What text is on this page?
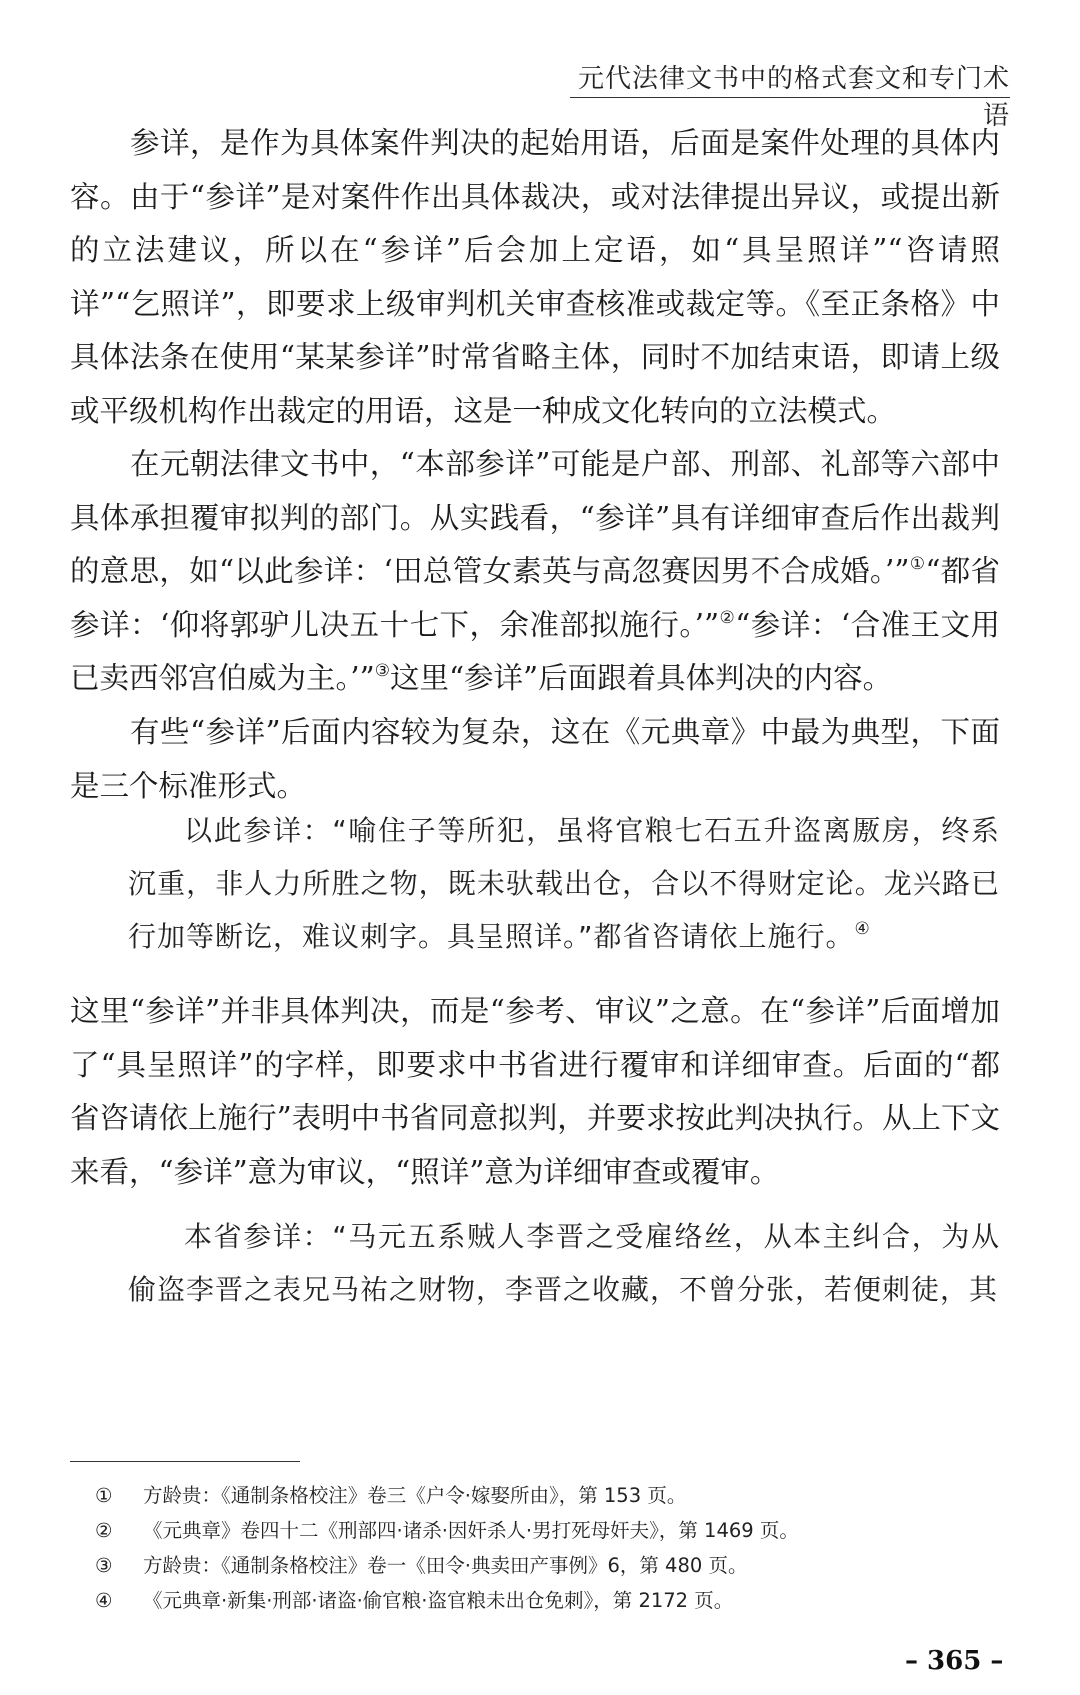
元代法律文书中的格式套文和专门术语

参详，是作为具体案件判决的起始用语，后面是案件处理的具体内容。由于“参详”是对案件作出具体裁决，或对法律提出异议，或提出新的立法建议，所以在“参详”后会加上定语，如“具呈照详”“咨请照详”“乞照详”，即要求上级审判机关审查核准或裁定等。《至正条格》中具体法条在使用“某某参详”时常省略主体，同时不加结束语，即请上级或平级机构作出裁定的用语，这是一种成文化转向的立法模式。

在元朝法律文书中，“本部参详”可能是户部、刑部、礼部等六部中具体承担覆审拟判的部门。从实践看，“参详”具有详细审查后作出裁判的意思，如“以此参详：‘田总管女素英与高忽赛因男不合成婚。’”①“都省参详：‘仰将郭驴儿决五十七下，余准部拟施行。’”②“参详：‘合准王文用已卖西邻宫伯威为主。’”③这里“参详”后面跟着具体判决的内容。

有些“参详”后面内容较为复杂，这在《元典章》中最为典型，下面是三个标准形式。

以此参详：“喻住子等所犯，虽将官粮七石五升盗离厫房，终系沉重，非人力所胜之物，既未驮载出仓，合以不得财定论。龙兴路已行加等断讫，难议刺字。具呈照详。”都省咨请依上施行。④

这里“参详”并非具体判决，而是“参考、审议”之意。在“参详”后面增加了“具呈照详”的字样，即要求中书省进行覆审和详细审查。后面的“都省咨请依上施行”表明中书省同意拟判，并要求按此判决执行。从上下文来看，“参详”意为审议，“照详”意为详细审查或覆审。

本省参详：“马元五系贼人李晋之受雇络丝，从本主纠合，为从偷盗李晋之表兄马祐之财物，李晋之收藏，不曾分张，若便刺徒，其

① 方龄贵：《通制条格校注》卷三《户令·嫁娶所由》，第 153 页。
② 《元典章》卷四十二《刑部四·诸杀·因奸杀人·男打死母奸夫》，第 1469 页。
③ 方龄贵：《通制条格校注》卷一《田令·典卖田产事例》6，第 480 页。
④ 《元典章·新集·刑部·诸盗·偷官粮·盗官粮未出仓免刺》，第 2172 页。
– 365 –
